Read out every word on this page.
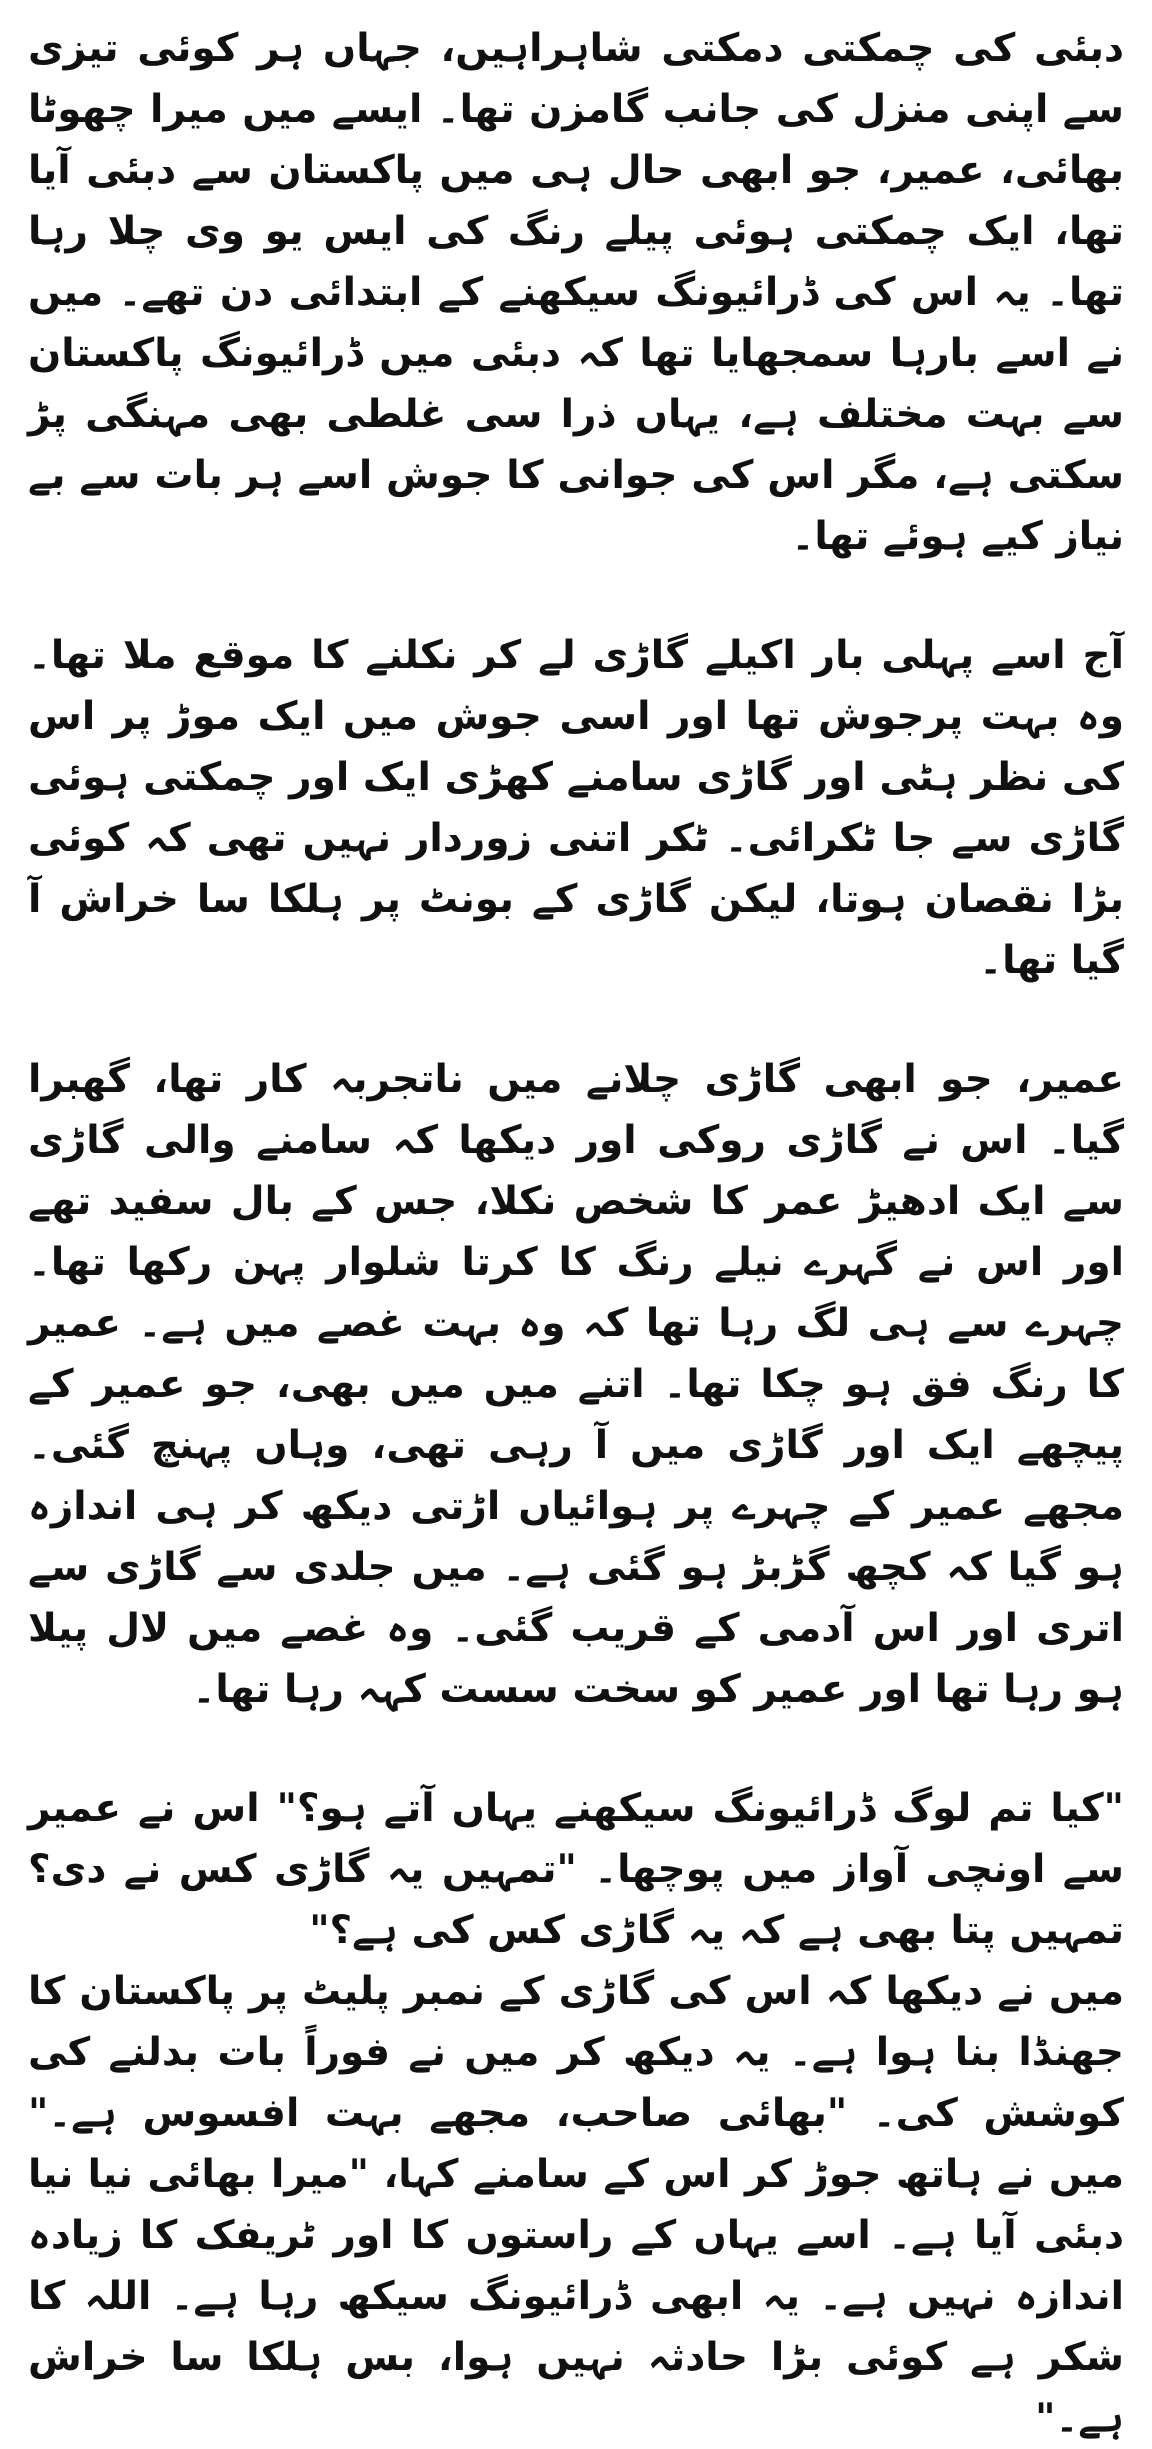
دبئی کی چمکتی دمکتی شاہراہیں، جہاں ہر کوئی تیزی سے اپنی منزل کی جانب گامزن تھا۔ ایسے میں میرا چھوٹا بھائی، عمیر، جو ابھی حال ہی میں پاکستان سے دبئی آیا تھا، ایک چمکتی ہوئی پیلے رنگ کی ایس یو وی چلا رہا تھا۔ یہ اس کی ڈرائیونگ سیکھنے کے ابتدائی دن تھے۔ میں نے اسے بارہا سمجھایا تھا کہ دبئی میں ڈرائیونگ پاکستان سے بہت مختلف ہے، یہاں ذرا سی غلطی بھی مہنگی پڑ سکتی ہے، مگر اس کی جوانی کا جوش اسے ہر بات سے بے نیاز کیے ہوئے تھا۔

آج اسے پہلی بار اکیلے گاڑی لے کر نکلنے کا موقع ملا تھا۔ وہ بہت پرجوش تھا اور اسی جوش میں ایک موڑ پر اس کی نظر ہٹی اور گاڑی سامنے کھڑی ایک اور چمکتی ہوئی گاڑی سے جا ٹکرائی۔ ٹکر اتنی زوردار نہیں تھی کہ کوئی بڑا نقصان ہوتا، لیکن گاڑی کے بونٹ پر ہلکا سا خراش آ گیا تھا۔

عمیر، جو ابھی گاڑی چلانے میں ناتجربہ کار تھا، گھبرا گیا۔ اس نے گاڑی روکی اور دیکھا کہ سامنے والی گاڑی سے ایک ادھیڑ عمر کا شخص نکلا، جس کے بال سفید تھے اور اس نے گہرے نیلے رنگ کا کرتا شلوار پہن رکھا تھا۔ چہرے سے ہی لگ رہا تھا کہ وہ بہت غصے میں ہے۔ عمیر کا رنگ فق ہو چکا تھا۔ اتنے میں میں بھی، جو عمیر کے پیچھے ایک اور گاڑی میں آ رہی تھی، وہاں پہنچ گئی۔ مجھے عمیر کے چہرے پر ہوائیاں اڑتی دیکھ کر ہی اندازہ ہو گیا کہ کچھ گڑبڑ ہو گئی ہے۔ میں جلدی سے گاڑی سے اتری اور اس آدمی کے قریب گئی۔ وہ غصے میں لال پیلا ہو رہا تھا اور عمیر کو سخت سست کہہ رہا تھا۔

"کیا تم لوگ ڈرائیونگ سیکھنے یہاں آتے ہو؟" اس نے عمیر سے اونچی آواز میں پوچھا۔ "تمہیں یہ گاڑی کس نے دی؟ تمہیں پتا بھی ہے کہ یہ گاڑی کس کی ہے؟"

میں نے دیکھا کہ اس کی گاڑی کے نمبر پلیٹ پر پاکستان کا جھنڈا بنا ہوا ہے۔ یہ دیکھ کر میں نے فوراً بات بدلنے کی کوشش کی۔ "بھائی صاحب، مجھے بہت افسوس ہے۔" میں نے ہاتھ جوڑ کر اس کے سامنے کہا، "میرا بھائی نیا نیا دبئی آیا ہے۔ اسے یہاں کے راستوں کا اور ٹریفک کا زیادہ اندازہ نہیں ہے۔ یہ ابھی ڈرائیونگ سیکھ رہا ہے۔ اللہ کا شکر ہے کوئی بڑا حادثہ نہیں ہوا، بس ہلکا سا خراش ہے۔"
